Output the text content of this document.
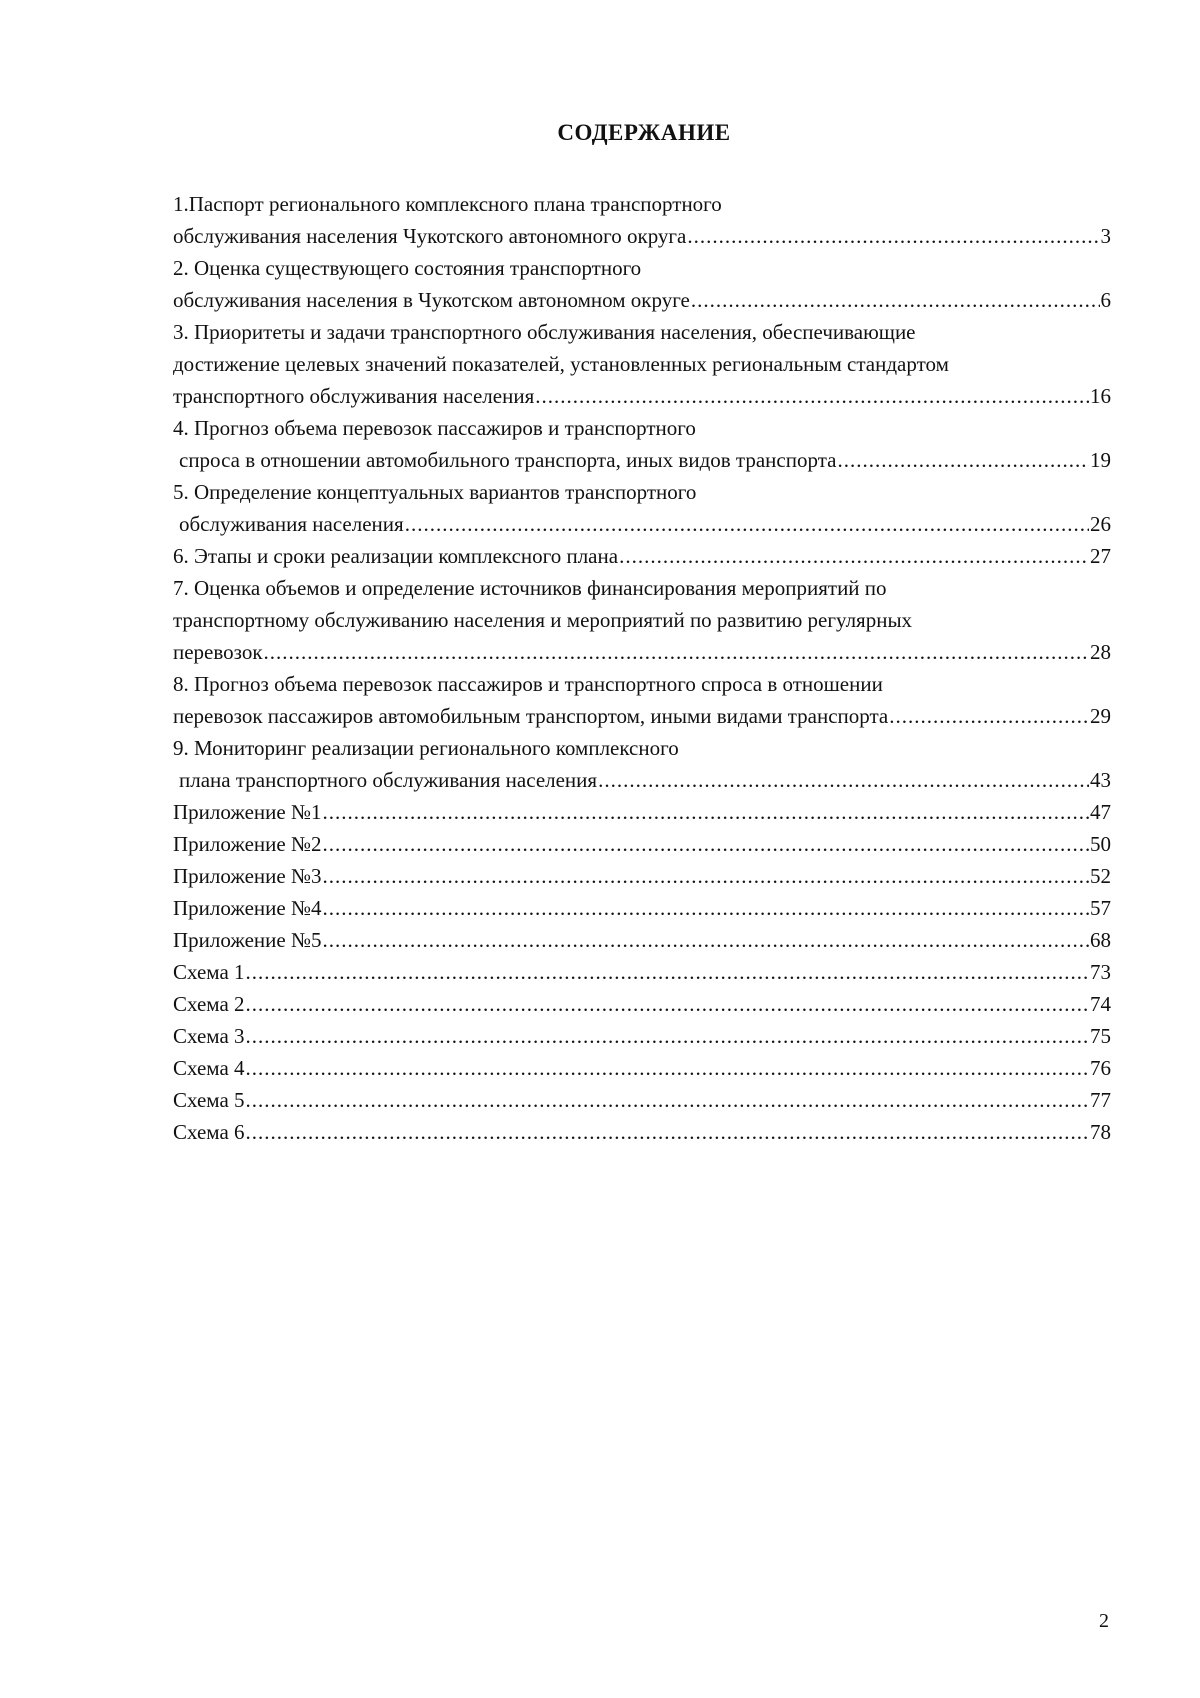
СОДЕРЖАНИЕ
1.Паспорт регионального комплексного плана транспортного
обслуживания населения Чукотского автономного округа .....	3
2. Оценка существующего состояния транспортного
обслуживания населения в Чукотском автономном округе .....	6
3. Приоритеты и задачи транспортного обслуживания населения, обеспечивающие
достижение целевых значений показателей, установленных региональным стандартом
транспортного обслуживания населения .....	16
4. Прогноз объема перевозок пассажиров и транспортного
спроса в отношении автомобильного транспорта, иных видов транспорта .....	19
5. Определение концептуальных вариантов транспортного
обслуживания населения .....	26
6. Этапы и сроки реализации комплексного плана .....	27
7. Оценка объемов и определение источников финансирования мероприятий по
транспортному обслуживанию населения и мероприятий по развитию регулярных
перевозок .....	28
8. Прогноз объема перевозок пассажиров и транспортного спроса в отношении
перевозок пассажиров автомобильным транспортом, иными видами транспорта .....	29
9. Мониторинг реализации регионального комплексного
плана транспортного обслуживания населения .....	43
Приложение №1 .....	47
Приложение №2 .....	50
Приложение №3 .....	52
Приложение №4 .....	57
Приложение №5 .....	68
Схема 1 .....	73
Схема 2 .....	74
Схема 3 .....	75
Схема 4 .....	76
Схема 5 .....	77
Схема 6 .....	78
2
